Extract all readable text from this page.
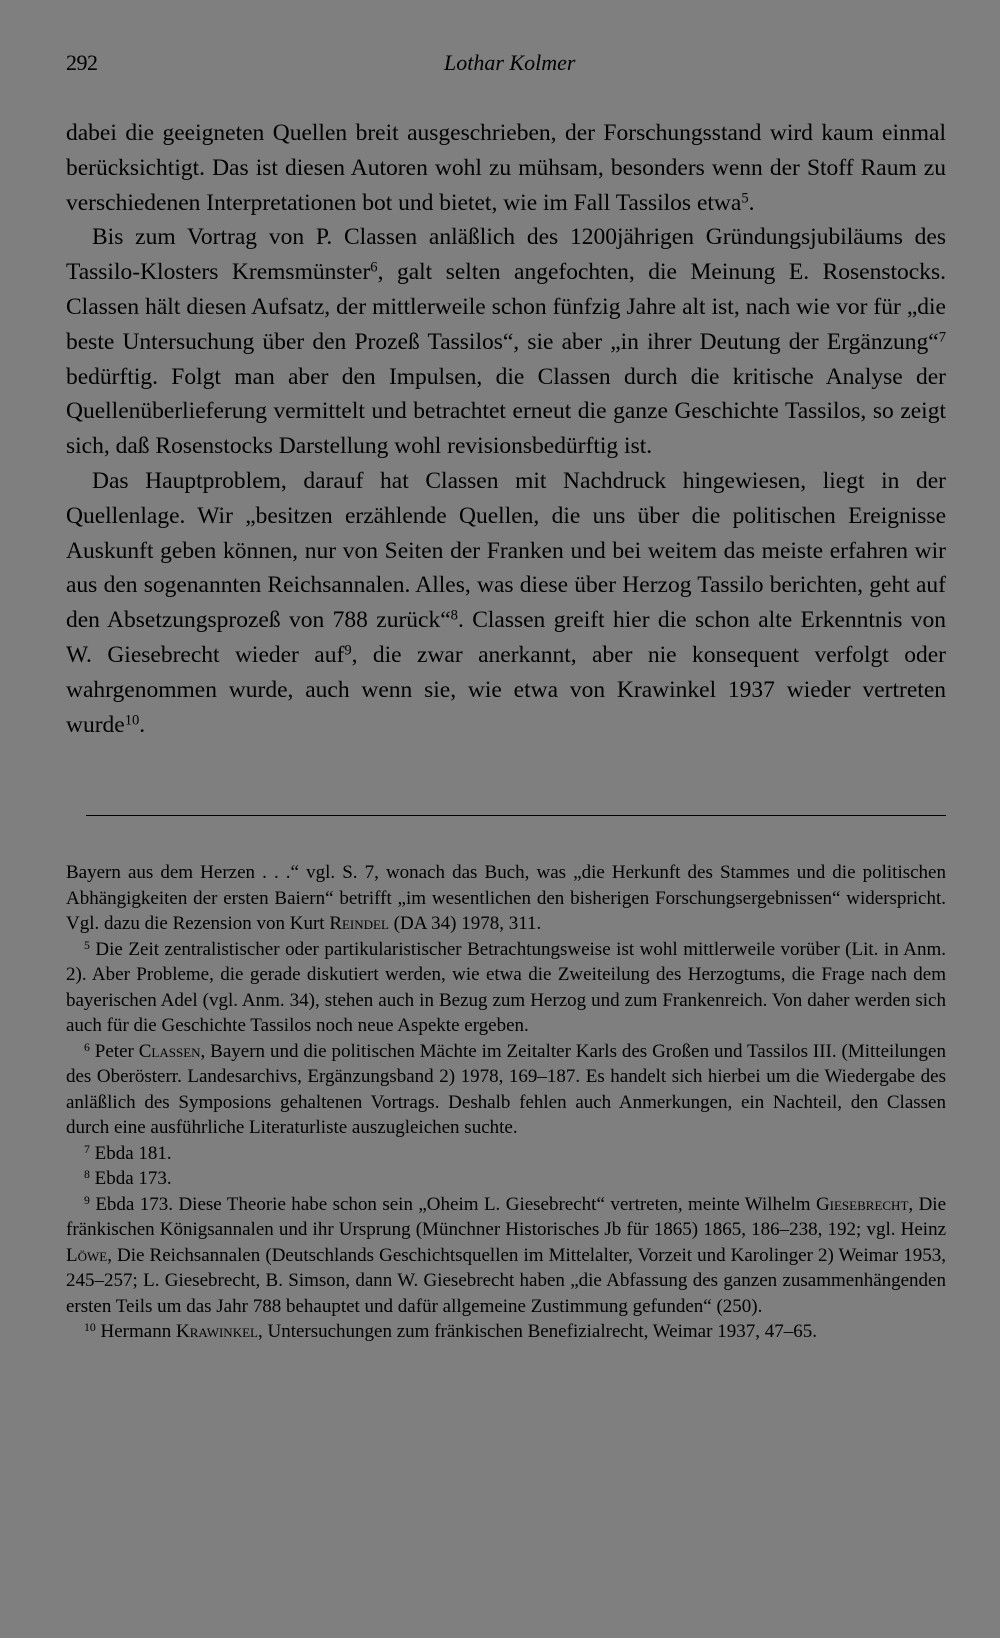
292	Lothar Kolmer

dabei die geeigneten Quellen breit ausgeschrieben, der Forschungsstand wird kaum einmal berücksichtigt. Das ist diesen Autoren wohl zu mühsam, besonders wenn der Stoff Raum zu verschiedenen Interpretationen bot und bietet, wie im Fall Tassilos etwa$^5$.

Bis zum Vortrag von P. Classen anläßlich des 1200jährigen Gründungsjubiläums des Tassilo-Klosters Kremsmünster$^6$, galt selten angefochten, die Meinung E. Rosenstocks. Classen hält diesen Aufsatz, der mittlerweile schon fünfzig Jahre alt ist, nach wie vor für „die beste Untersuchung über den Prozeß Tassilos“, sie aber „in ihrer Deutung der Ergänzung“$^7$ bedürftig. Folgt man aber den Impulsen, die Classen durch die kritische Analyse der Quellenüberlieferung vermittelt und betrachtet erneut die ganze Geschichte Tassilos, so zeigt sich, daß Rosenstocks Darstellung wohl revisionsbedürftig ist.

Das Hauptproblem, darauf hat Classen mit Nachdruck hingewiesen, liegt in der Quellenlage. Wir „besitzen erzählende Quellen, die uns über die politischen Ereignisse Auskunft geben können, nur von Seiten der Franken und bei weitem das meiste erfahren wir aus den sogenannten Reichsannalen. Alles, was diese über Herzog Tassilo berichten, geht auf den Absetzungsprozeß von 788 zurück“$^8$. Classen greift hier die schon alte Erkenntnis von W. Giesebrecht wieder auf$^9$, die zwar anerkannt, aber nie konsequent verfolgt oder wahrgenommen wurde, auch wenn sie, wie etwa von Krawinkel 1937 wieder vertreten wurde$^{10}$.

Bayern aus dem Herzen . . .“ vgl. S. 7, wonach das Buch, was „die Herkunft des Stammes und die politischen Abhängigkeiten der ersten Baiern“ betrifft „im wesentlichen den bisherigen Forschungsergebnissen“ widerspricht. Vgl. dazu die Rezension von Kurt Reindel (DA 34) 1978, 311.

$^5$ Die Zeit zentralistischer oder partikularistischer Betrachtungsweise ist wohl mittlerweile vorüber (Lit. in Anm. 2). Aber Probleme, die gerade diskutiert werden, wie etwa die Zweiteilung des Herzogtums, die Frage nach dem bayerischen Adel (vgl. Anm. 34), stehen auch in Bezug zum Herzog und zum Frankenreich. Von daher werden sich auch für die Geschichte Tassilos noch neue Aspekte ergeben.

$^6$ Peter Classen, Bayern und die politischen Mächte im Zeitalter Karls des Großen und Tassilos III. (Mitteilungen des Oberösterr. Landesarchivs, Ergänzungsband 2) 1978, 169–187. Es handelt sich hierbei um die Wiedergabe des anläßlich des Symposions gehaltenen Vortrags. Deshalb fehlen auch Anmerkungen, ein Nachteil, den Classen durch eine ausführliche Literaturliste auszugleichen suchte.

$^7$ Ebda 181.

$^8$ Ebda 173.

$^9$ Ebda 173. Diese Theorie habe schon sein „Oheim L. Giesebrecht“ vertreten, meinte Wilhelm Giesebrecht, Die fränkischen Königsannalen und ihr Ursprung (Münchner Historisches Jb für 1865) 1865, 186–238, 192; vgl. Heinz Löwe, Die Reichsannalen (Deutschlands Geschichtsquellen im Mittelalter, Vorzeit und Karolinger 2) Weimar 1953, 245–257; L. Giesebrecht, B. Simson, dann W. Giesebrecht haben „die Abfassung des ganzen zusammenhängenden ersten Teils um das Jahr 788 behauptet und dafür allgemeine Zustimmung gefunden“ (250).

$^{10}$ Hermann Krawinkel, Untersuchungen zum fränkischen Benefizialrecht, Weimar 1937, 47–65.
